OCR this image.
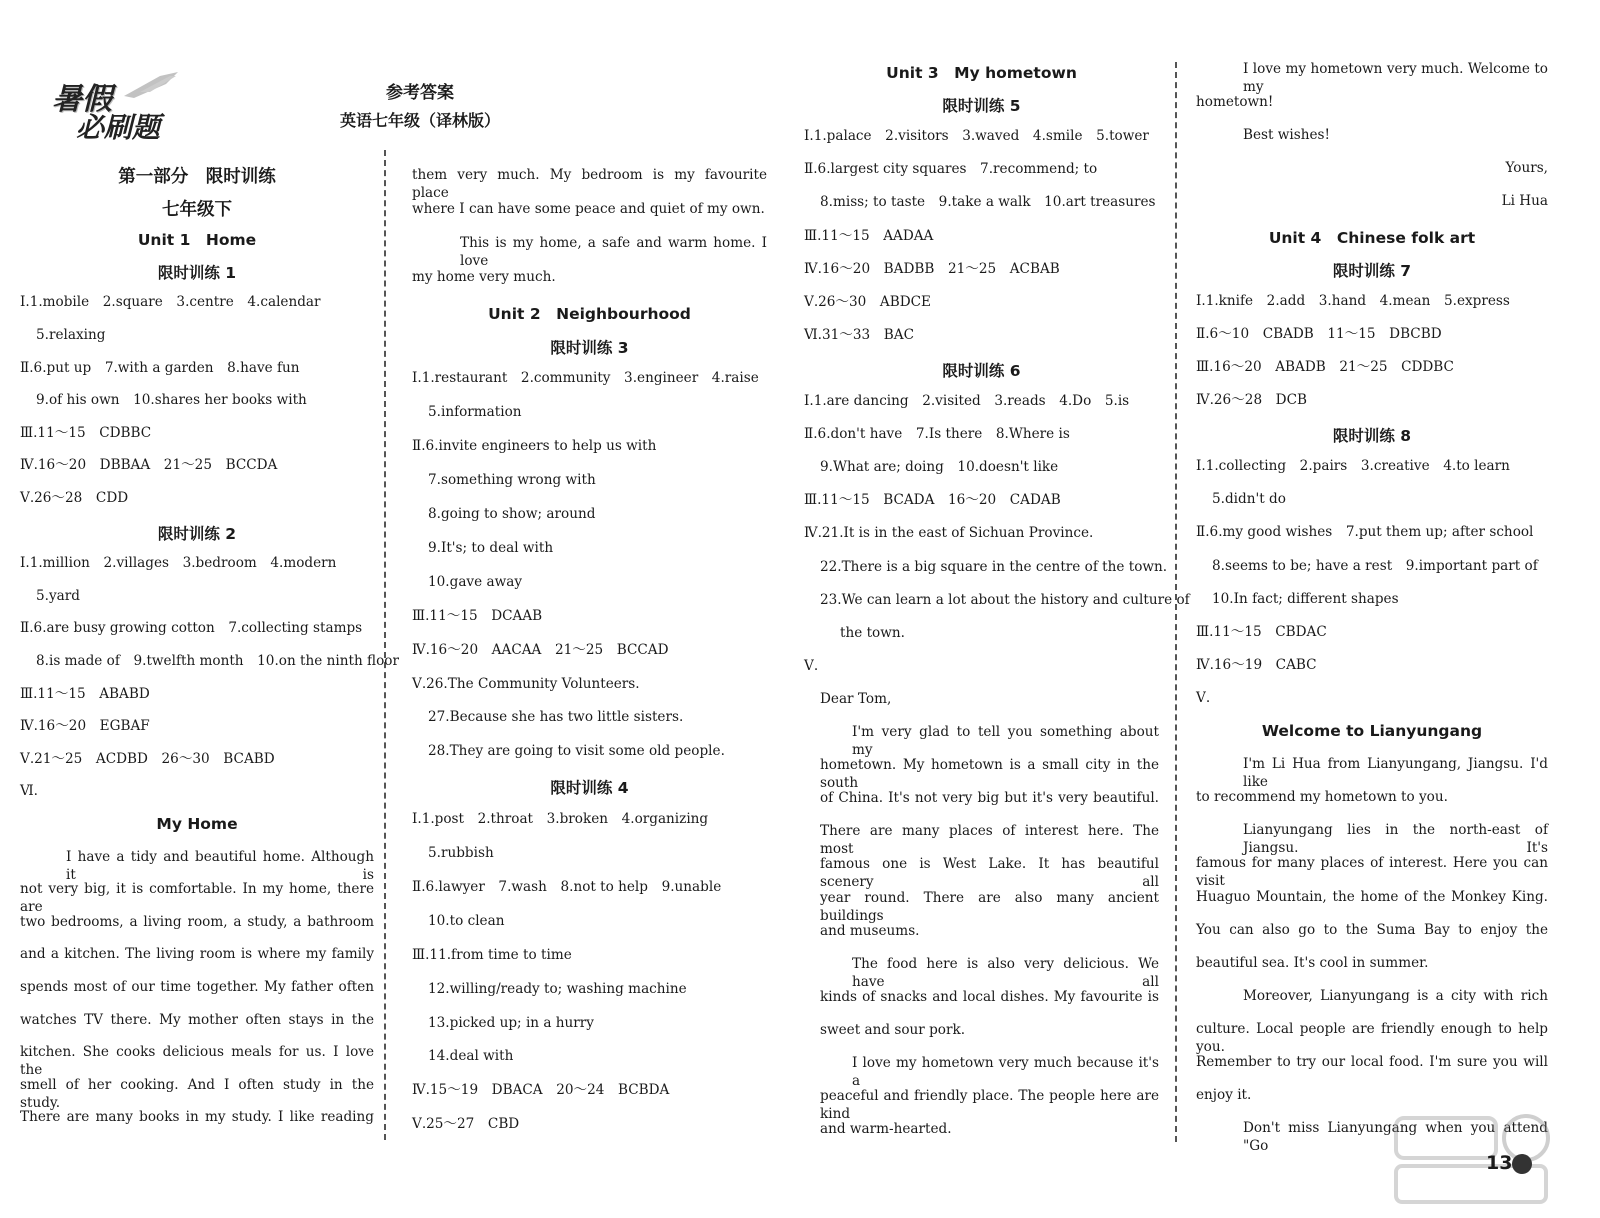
暑假
必刷题
参考答案
英语七年级（译林版）
第一部分　限时训练
七年级下
Unit 1　Home
限时训练 1
Ⅰ.1.mobile　2.square　3.centre　4.calendar
5.relaxing
Ⅱ.6.put up　7.with a garden　8.have fun
9.of his own　10.shares her books with
Ⅲ.11～15　CDBBC
Ⅳ.16～20　DBBAA　21～25　BCCDA
Ⅴ.26～28　CDD
限时训练 2
Ⅰ.1.million　2.villages　3.bedroom　4.modern
5.yard
Ⅱ.6.are busy growing cotton　7.collecting stamps
8.is made of　9.twelfth month　10.on the ninth floor
Ⅲ.11～15　ABABD
Ⅳ.16～20　EGBAF
Ⅴ.21～25　ACDBD　26～30　BCABD
Ⅵ.
My Home
I have a tidy and beautiful home. Although it is
not very big, it is comfortable. In my home, there are
two bedrooms, a living room, a study, a bathroom
and a kitchen. The living room is where my family
spends most of our time together. My father often
watches TV there. My mother often stays in the
kitchen. She cooks delicious meals for us. I love the
smell of her cooking. And I often study in the study.
There are many books in my study. I like reading
them very much. My bedroom is my favourite place
where I can have some peace and quiet of my own.
This is my home, a safe and warm home. I love
my home very much.
Unit 2　Neighbourhood
限时训练 3
Ⅰ.1.restaurant　2.community　3.engineer　4.raise
5.information
Ⅱ.6.invite engineers to help us with
7.something wrong with
8.going to show; around
9.It's; to deal with
10.gave away
Ⅲ.11～15　DCAAB
Ⅳ.16～20　AACAA　21～25　BCCAD
Ⅴ.26.The Community Volunteers.
27.Because she has two little sisters.
28.They are going to visit some old people.
限时训练 4
Ⅰ.1.post　2.throat　3.broken　4.organizing
5.rubbish
Ⅱ.6.lawyer　7.wash　8.not to help　9.unable
10.to clean
Ⅲ.11.from time to time
12.willing/ready to; washing machine
13.picked up; in a hurry
14.deal with
Ⅳ.15～19　DBACA　20～24　BCBDA
Ⅴ.25～27　CBD
Unit 3　My hometown
限时训练 5
Ⅰ.1.palace　2.visitors　3.waved　4.smile　5.tower
Ⅱ.6.largest city squares　7.recommend; to
8.miss; to taste　9.take a walk　10.art treasures
Ⅲ.11～15　AADAA
Ⅳ.16～20　BADBB　21～25　ACBAB
Ⅴ.26～30　ABDCE
Ⅵ.31～33　BAC
限时训练 6
Ⅰ.1.are dancing　2.visited　3.reads　4.Do　5.is
Ⅱ.6.don't have　7.Is there　8.Where is
9.What are; doing　10.doesn't like
Ⅲ.11～15　BCADA　16～20　CADAB
Ⅳ.21.It is in the east of Sichuan Province.
22.There is a big square in the centre of the town.
23.We can learn a lot about the history and culture of
the town.
Ⅴ.
Dear Tom,
I'm very glad to tell you something about my
hometown. My hometown is a small city in the south
of China. It's not very big but it's very beautiful.
There are many places of interest here. The most
famous one is West Lake. It has beautiful scenery all
year round. There are also many ancient buildings
and museums.
The food here is also very delicious. We have all
kinds of snacks and local dishes. My favourite is
sweet and sour pork.
I love my hometown very much because it's a
peaceful and friendly place. The people here are kind
and warm-hearted.
I love my hometown very much. Welcome to my
hometown!
Best wishes!
Yours,
Li Hua
Unit 4　Chinese folk art
限时训练 7
Ⅰ.1.knife　2.add　3.hand　4.mean　5.express
Ⅱ.6～10　CBADB　11～15　DBCBD
Ⅲ.16～20　ABADB　21～25　CDDBC
Ⅳ.26～28　DCB
限时训练 8
Ⅰ.1.collecting　2.pairs　3.creative　4.to learn
5.didn't do
Ⅱ.6.my good wishes　7.put them up; after school
8.seems to be; have a rest　9.important part of
10.In fact; different shapes
Ⅲ.11～15　CBDAC
Ⅳ.16～19　CABC
Ⅴ.
Welcome to Lianyungang
I'm Li Hua from Lianyungang, Jiangsu. I'd like
to recommend my hometown to you.
Lianyungang lies in the north-east of Jiangsu. It's
famous for many places of interest. Here you can visit
Huaguo Mountain, the home of the Monkey King.
You can also go to the Suma Bay to enjoy the
beautiful sea. It's cool in summer.
Moreover, Lianyungang is a city with rich
culture. Local people are friendly enough to help you.
Remember to try our local food. I'm sure you will
enjoy it.
Don't miss Lianyungang when you attend "Go
13
